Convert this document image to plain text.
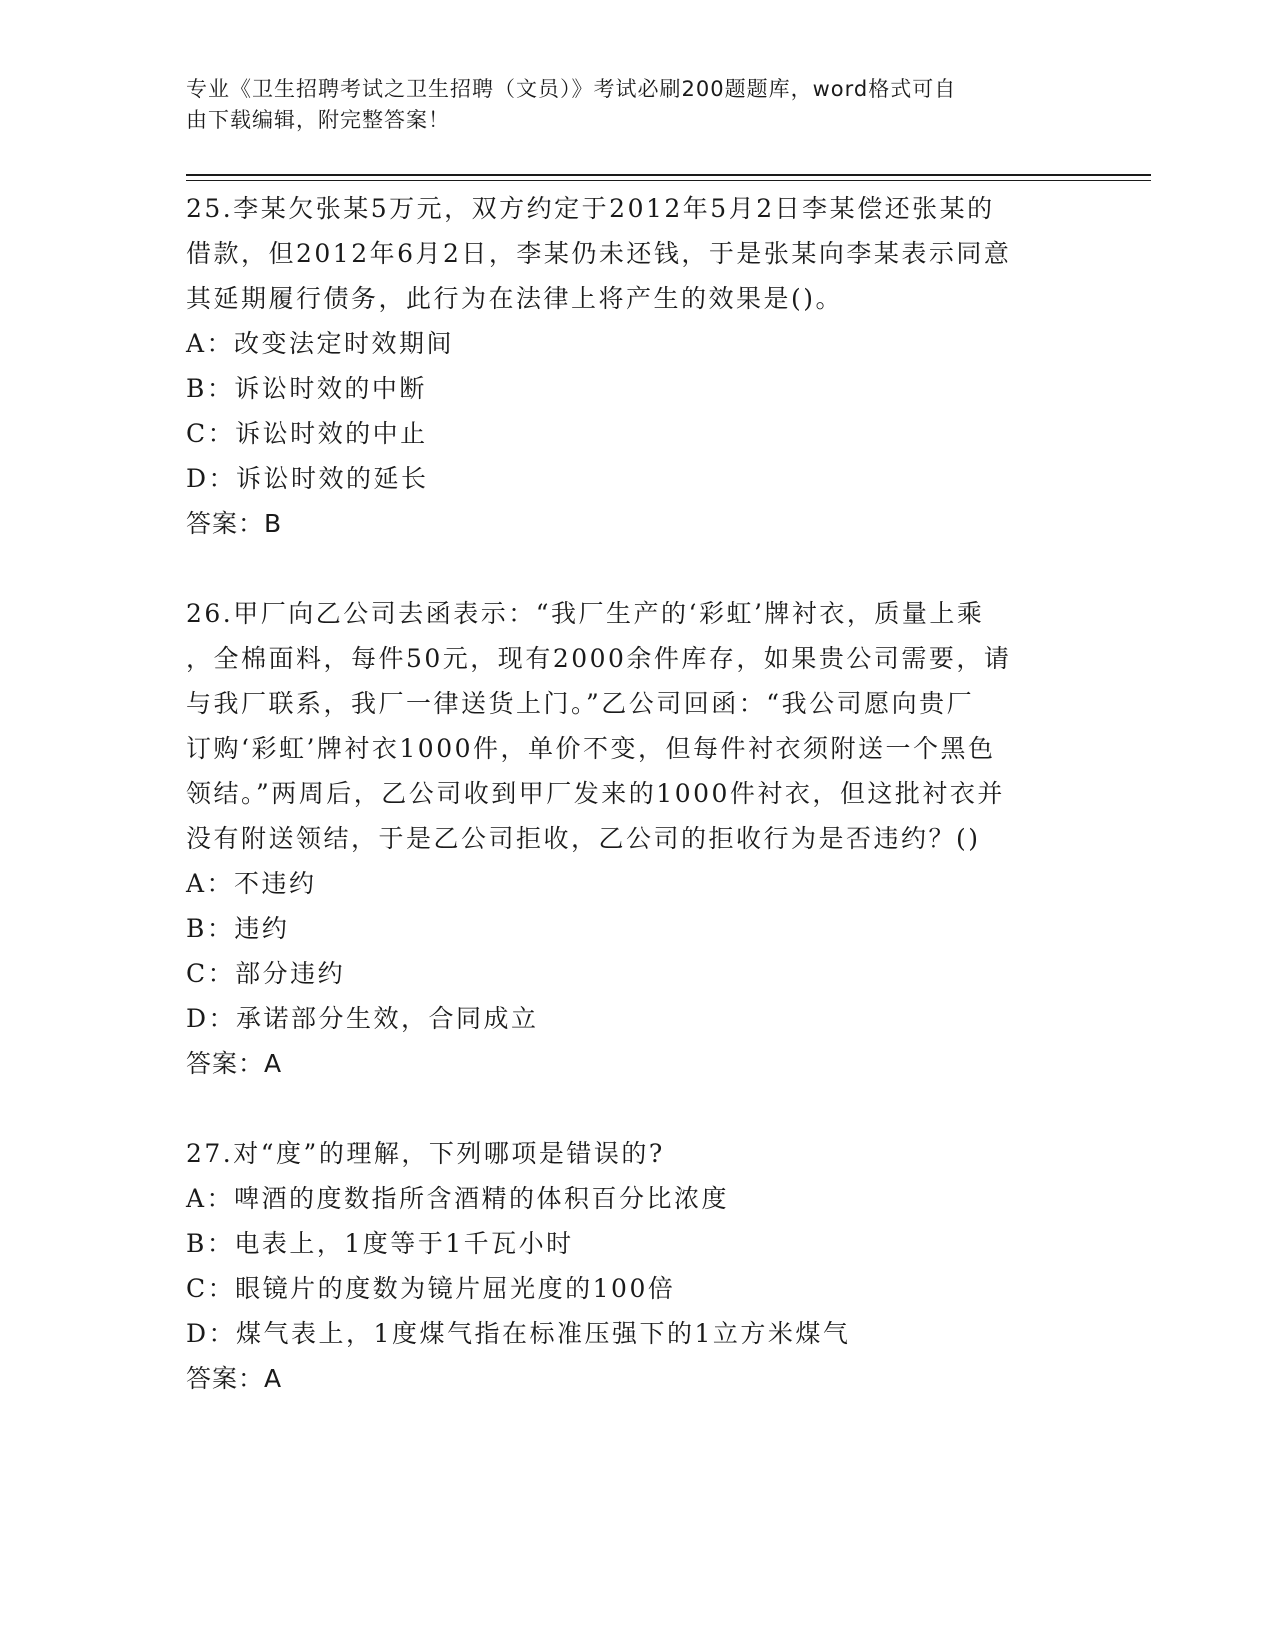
专业《卫生招聘考试之卫生招聘（文员）》考试必刷200题题库，word格式可自
由下载编辑，附完整答案！

25.李某欠张某5万元，双方约定于2012年5月2日李某偿还张某的

借款，但2012年6月2日，李某仍未还钱，于是张某向李某表示同意

其延期履行债务，此行为在法律上将产生的效果是()。

A：改变法定时效期间

B：诉讼时效的中断

C：诉讼时效的中止

D：诉讼时效的延长

答案：B

26.甲厂向乙公司去函表示：“我厂生产的‘彩虹’牌衬衣，质量上乘

，全棉面料，每件50元，现有2000余件库存，如果贵公司需要，请

与我厂联系，我厂一律送货上门。”乙公司回函：“我公司愿向贵厂

订购‘彩虹’牌衬衣1000件，单价不变，但每件衬衣须附送一个黑色

领结。”两周后，乙公司收到甲厂发来的1000件衬衣，但这批衬衣并

没有附送领结，于是乙公司拒收，乙公司的拒收行为是否违约？()

A：不违约

B：违约

C：部分违约

D：承诺部分生效，合同成立

答案：A

27.对“度”的理解，下列哪项是错误的?

A：啤酒的度数指所含酒精的体积百分比浓度

B：电表上，1度等于1千瓦小时

C：眼镜片的度数为镜片屈光度的100倍

D：煤气表上，1度煤气指在标准压强下的1立方米煤气

答案：A
